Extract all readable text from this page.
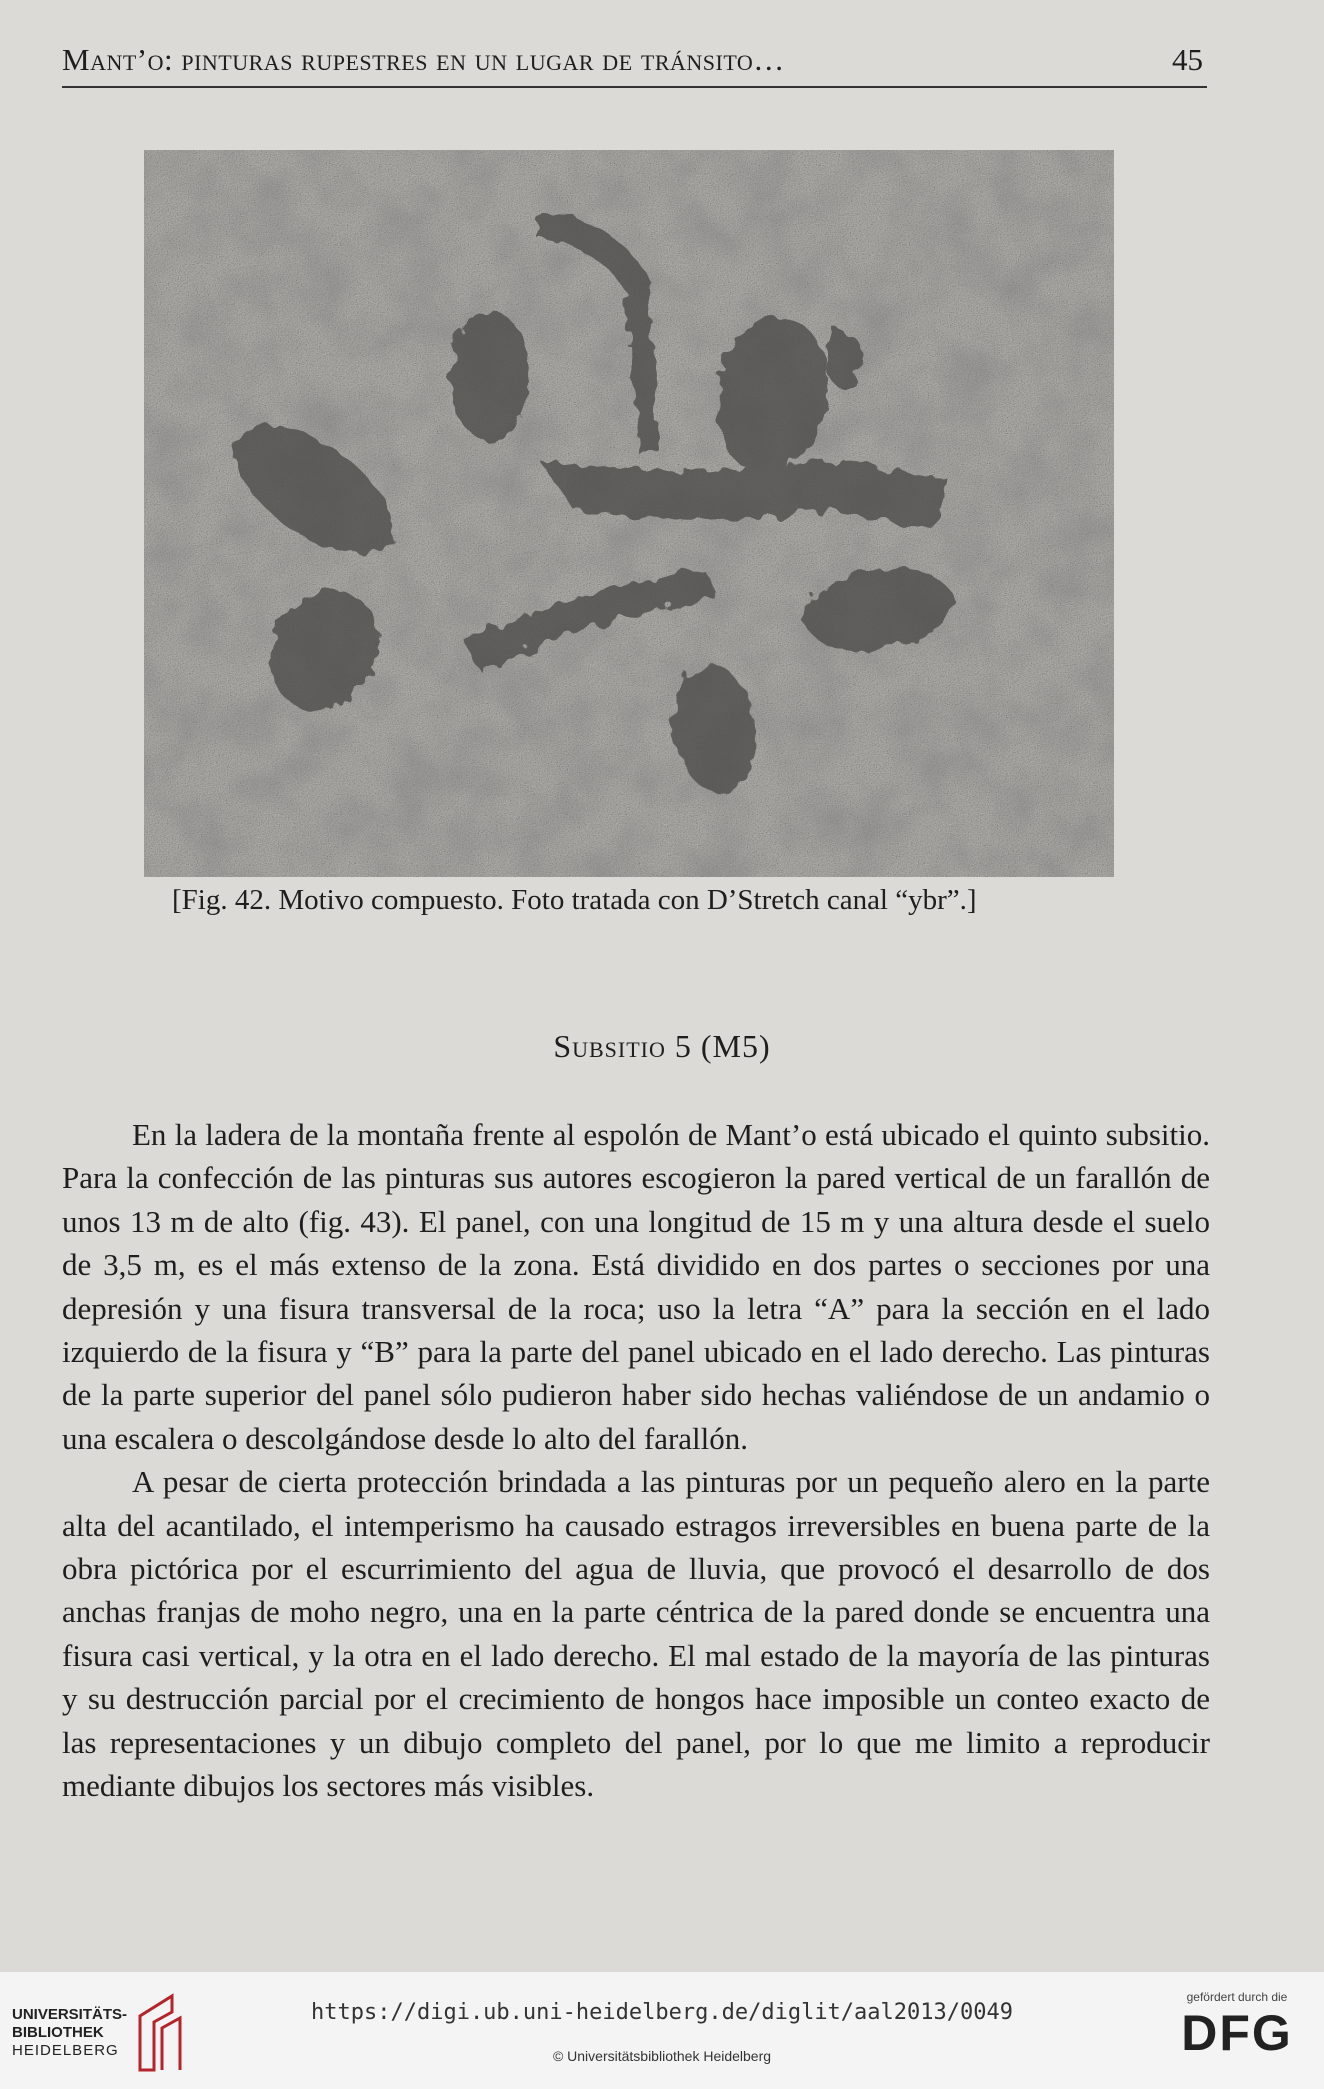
Mant’o: pinturas rupestres en un lugar de tránsito…	45
[Fig. 42. Motivo compuesto. Foto tratada con D’Stretch canal “ybr”.]
Subsitio 5 (M5)

En la ladera de la montaña frente al espolón de Mant’o está ubicado el quinto subsitio. Para la confección de las pinturas sus autores escogieron la pared vertical de un farallón de unos 13 m de alto (fig. 43). El panel, con una longitud de 15 m y una altura desde el suelo de 3,5 m, es el más extenso de la zona. Está dividido en dos partes o secciones por una depresión y una fisura transversal de la roca; uso la letra “A” para la sección en el lado izquierdo de la fisura y “B” para la parte del panel ubicado en el lado derecho. Las pinturas de la parte superior del panel sólo pudieron haber sido hechas valiéndose de un andamio o una escalera o descolgándose desde lo alto del farallón.

A pesar de cierta protección brindada a las pinturas por un pequeño alero en la parte alta del acantilado, el intemperismo ha causado estragos irreversibles en buena parte de la obra pictórica por el escurrimiento del agua de lluvia, que provocó el desarrollo de dos anchas franjas de moho negro, una en la parte céntrica de la pared donde se encuentra una fisura casi vertical, y la otra en el lado derecho. El mal estado de la mayoría de las pinturas y su destrucción parcial por el crecimiento de hongos hace imposible un conteo exacto de las representaciones y un dibujo completo del panel, por lo que me limito a reproducir mediante dibujos los sectores más visibles.

UNIVERSITÄTS-
BIBLIOTHEK
HEIDELBERG
https://digi.ub.uni-heidelberg.de/diglit/aal2013/0049
© Universitätsbibliothek Heidelberg
gefördert durch die
DFG
